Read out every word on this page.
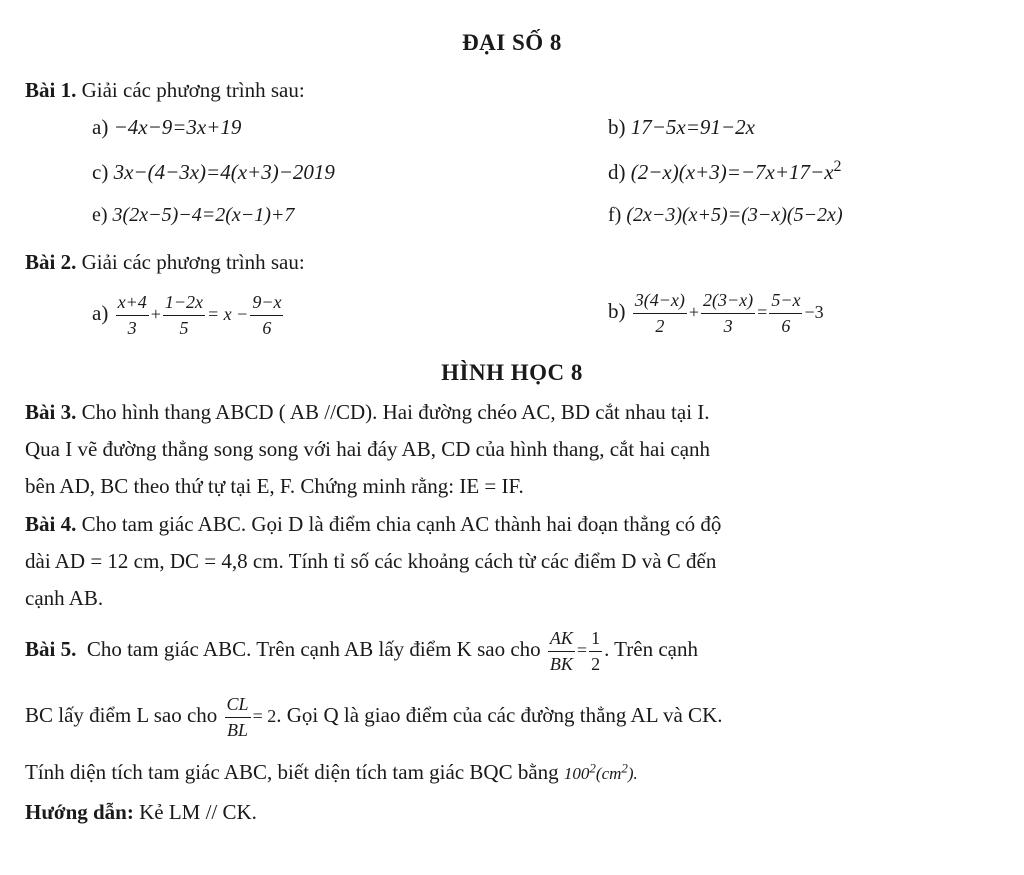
ĐẠI SỐ 8
Bài 1. Giải các phương trình sau:
a) −4x−9=3x+19	b) 17−5x=91−2x
c) 3x−(4−3x)=4(x+3)−2019	d) $(2-x)(x+3)=-7x+17-x^2$
e) 3(2x−5)−4=2(x−1)+7	f) (2x−3)(x+5)=(3−x)(5−2x)
Bài 2. Giải các phương trình sau:
$a) \frac{x+4}{3} + \frac{1-2x}{5} = x - \frac{9-x}{6}$	$b) \frac{3(4-x)}{2} + \frac{2(3-x)}{3} = \frac{5-x}{6} -3$
HÌNH HỌC 8
Bài 3. Cho hình thang ABCD ( AB //CD). Hai đường chéo AC, BD cắt nhau tại I.
Qua I vẽ đường thẳng song song với hai đáy AB, CD của hình thang, cắt hai cạnh
bên AD, BC theo thứ tự tại E, F. Chứng minh rằng: IE = IF.
Bài 4. Cho tam giác ABC. Gọi D là điểm chia cạnh AC thành hai đoạn thẳng có độ
dài AD = 12 cm, DC = 4,8 cm. Tính tỉ số các khoảng cách từ các điểm D và C đến
cạnh AB.
Bài 5. Cho tam giác ABC. Trên cạnh AB lấy điểm K sao cho $\frac{AK}{BK} = \frac{1}{2}$ . Trên cạnh
BC lấy điểm L sao cho $\frac{CL}{BL} = 2$. Gọi Q là giao điểm của các đường thẳng AL và CK.
Tính diện tích tam giác ABC, biết diện tích tam giác BQC bằng $100^2(cm^2)$.
Hướng dẫn: Kẻ LM // CK.
